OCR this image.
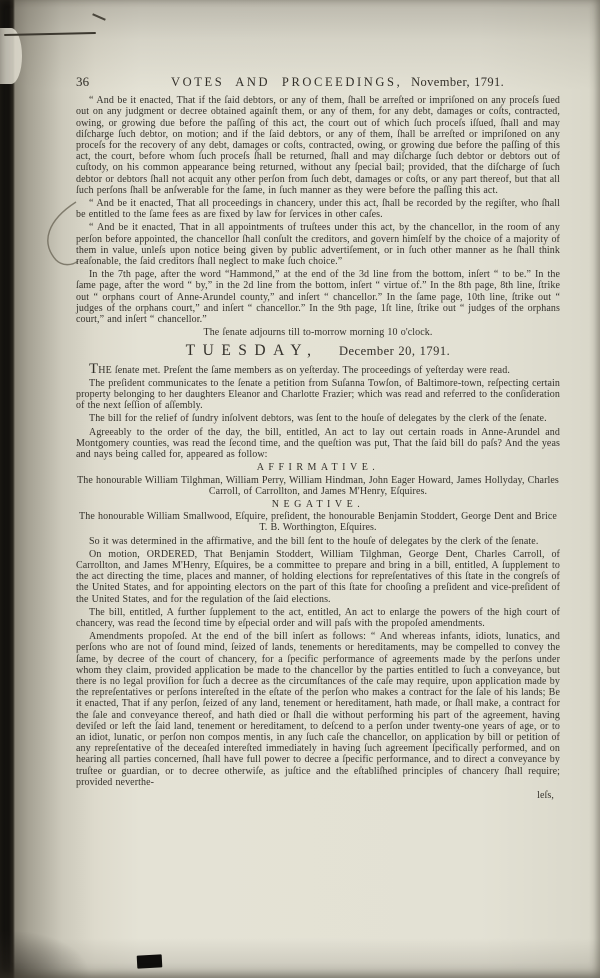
36	VOTES AND PROCEEDINGS, November, 1791.

“ And be it enacted, That if the ſaid debtors, or any of them, ſhall be arreſted or impriſoned on any proceſs ſued out on any judgment or decree obtained againſt them, or any of them, for any debt, damages or coſts, contracted, owing, or growing due before the paſſing of this act, the court out of which ſuch proceſs iſſued, ſhall and may diſcharge ſuch debtor, on motion; and if the ſaid debtors, or any of them, ſhall be arreſted or impriſoned on any proceſs for the recovery of any debt, damages or coſts, contracted, owing, or growing due before the paſſing of this act, the court, before whom ſuch proceſs ſhall be returned, ſhall and may diſcharge ſuch debtor or debtors out of cuſtody, on his common appearance being returned, without any ſpecial bail; provided, that the diſcharge of ſuch debtor or debtors ſhall not acquit any other perſon from ſuch debt, damages or coſts, or any part thereof, but that all ſuch perſons ſhall be anſwerable for the ſame, in ſuch manner as they were before the paſſing this act.

“ And be it enacted, That all proceedings in chancery, under this act, ſhall be recorded by the regiſter, who ſhall be entitled to the ſame fees as are fixed by law for ſervices in other caſes.

“ And be it enacted, That in all appointments of truſtees under this act, by the chancellor, in the room of any perſon before appointed, the chancellor ſhall conſult the creditors, and govern himſelf by the choice of a majority of them in value, unleſs upon notice being given by public advertiſement, or in ſuch other manner as he ſhall think reaſonable, the ſaid creditors ſhall neglect to make ſuch choice.”

In the 7th page, after the word “Hammond,” at the end of the 3d line from the bottom, inſert “ to be.” In the ſame page, after the word “ by,” in the 2d line from the bottom, inſert “ virtue of.” In the 8th page, 8th line, ſtrike out “ orphans court of Anne-Arundel county,” and inſert “ chancellor.” In the ſame page, 10th line, ſtrike out “ judges of the orphans court,” and inſert “ chancellor.” In the 9th page, 1ſt line, ſtrike out “ judges of the orphans court,” and inſert “ chancellor.”

The ſenate adjourns till to-morrow morning 10 o'clock.

TUESDAY, December 20, 1791.

THE ſenate met. Preſent the ſame members as on yeſterday. The proceedings of yeſterday were read.

The preſident communicates to the ſenate a petition from Suſanna Towſon, of Baltimore-town, reſpecting certain property belonging to her daughters Eleanor and Charlotte Frazier; which was read and referred to the conſideration of the next ſeſſion of aſſembly.

The bill for the relief of ſundry inſolvent debtors, was ſent to the houſe of delegates by the clerk of the ſenate.

Agreeably to the order of the day, the bill, entitled, An act to lay out certain roads in Anne-Arundel and Montgomery counties, was read the ſecond time, and the queſtion was put, That the ſaid bill do paſs? And the yeas and nays being called for, appeared as follow:

AFFIRMATIVE.

The honourable William Tilghman, William Perry, William Hindman, John Eager Howard, James Hollyday, Charles Carroll, of Carrollton, and James M'Henry, Eſquires.

NEGATIVE.

The honourable William Smallwood, Eſquire, preſident, the honourable Benjamin Stoddert, George Dent and Brice T. B. Worthington, Eſquires.

So it was determined in the affirmative, and the bill ſent to the houſe of delegates by the clerk of the ſenate.

On motion, ORDERED, That Benjamin Stoddert, William Tilghman, George Dent, Charles Carroll, of Carrollton, and James M'Henry, Eſquires, be a committee to prepare and bring in a bill, entitled, A ſupplement to the act directing the time, places and manner, of holding elections for repreſentatives of this ſtate in the congreſs of the United States, and for appointing electors on the part of this ſtate for chooſing a preſident and vice-preſident of the United States, and for the regulation of the ſaid elections.

The bill, entitled, A further ſupplement to the act, entitled, An act to enlarge the powers of the high court of chancery, was read the ſecond time by eſpecial order and will paſs with the propoſed amendments.

Amendments propoſed. At the end of the bill inſert as follows: “ And whereas infants, idiots, lunatics, and perſons who are not of ſound mind, ſeized of lands, tenements or hereditaments, may be compelled to convey the ſame, by decree of the court of chancery, for a ſpecific performance of agreements made by the perſons under whom they claim, provided application be made to the chancellor by the parties entitled to ſuch a conveyance, but there is no legal proviſion for ſuch a decree as the circumſtances of the caſe may require, upon application made by the repreſentatives or perſons intereſted in the eſtate of the perſon who makes a contract for the ſale of his lands; Be it enacted, That if any perſon, ſeized of any land, tenement or hereditament, hath made, or ſhall make, a contract for the ſale and conveyance thereof, and hath died or ſhall die without performing his part of the agreement, having deviſed or left the ſaid land, tenement or hereditament, to deſcend to a perſon under twenty-one years of age, or to an idiot, lunatic, or perſon non compos mentis, in any ſuch caſe the chancellor, on application by bill or petition of any repreſentative of the deceaſed intereſted immediately in having ſuch agreement ſpecifically performed, and on hearing all parties concerned, ſhall have full power to decree a ſpecific performance, and to direct a conveyance by truſtee or guardian, or to decree otherwiſe, as juſtice and the eſtabliſhed principles of chancery ſhall require; provided neverthe-

leſs,
